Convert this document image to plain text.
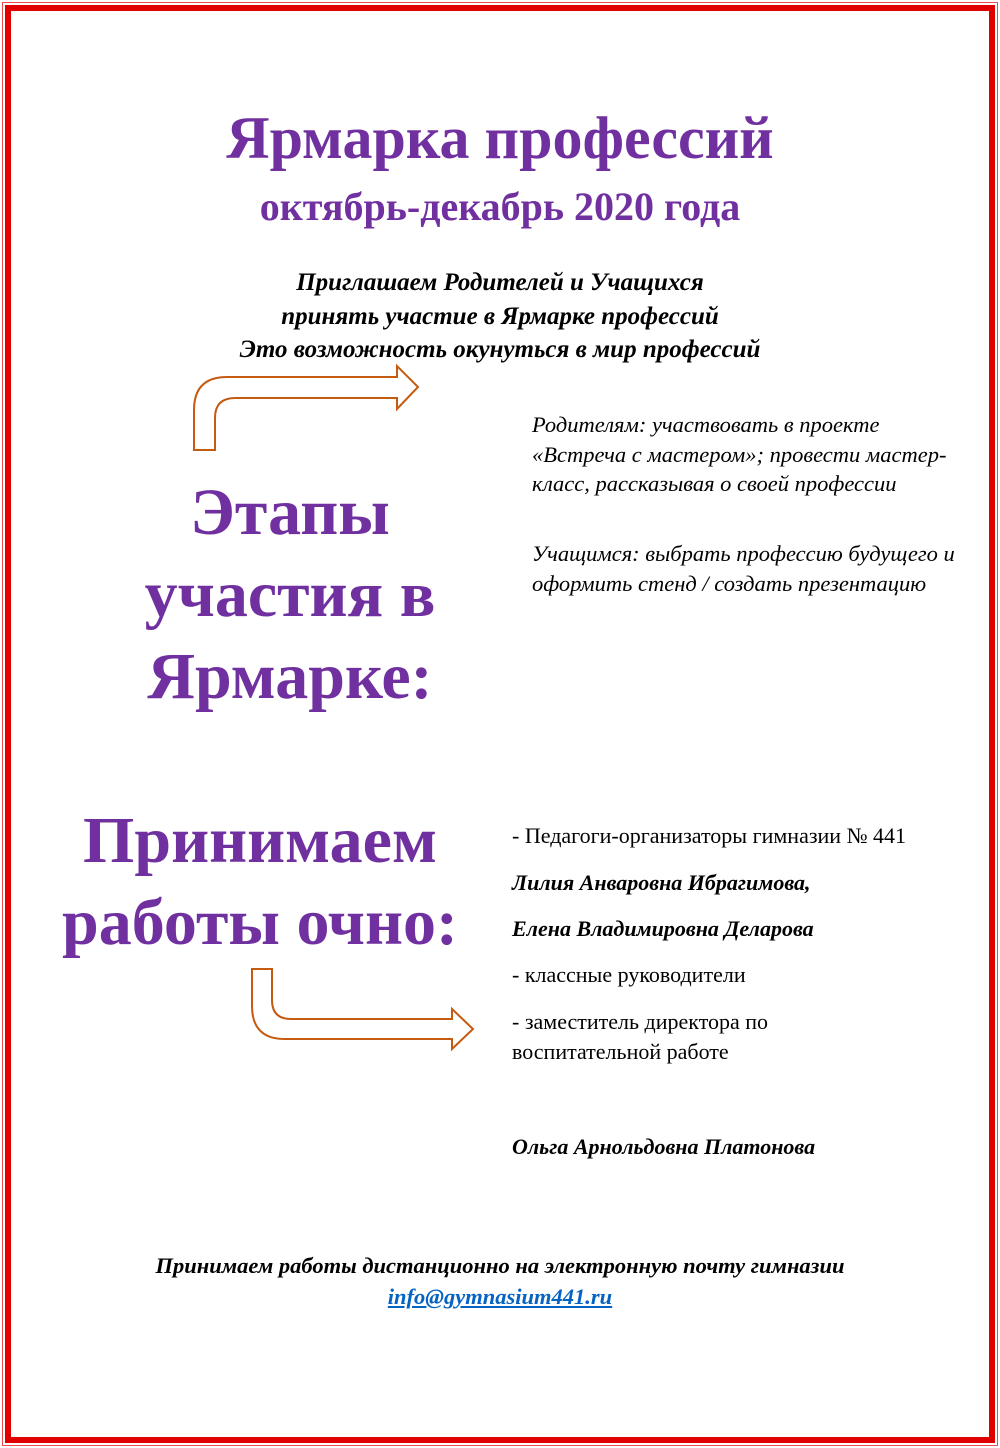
Ярмарка профессий
октябрь-декабрь 2020 года
Приглашаем Родителей и Учащихся
принять участие в Ярмарке профессий
Это возможность окунуться в мир профессий
Этапы
участия в
Ярмарке:
Родителям: участвовать в проекте «Встреча с мастером»; провести мастер-класс, рассказывая о своей профессии
Учащимся: выбрать профессию будущего и оформить стенд / создать презентацию
Принимаем
работы очно:
- Педагоги-организаторы гимназии № 441
Лилия Анваровна Ибрагимова,
Елена Владимировна Деларова
- классные руководители
- заместитель директора по воспитательной работе
Ольга Арнольдовна Платонова
Принимаем работы дистанционно на электронную почту гимназии
info@gymnasium441.ru
